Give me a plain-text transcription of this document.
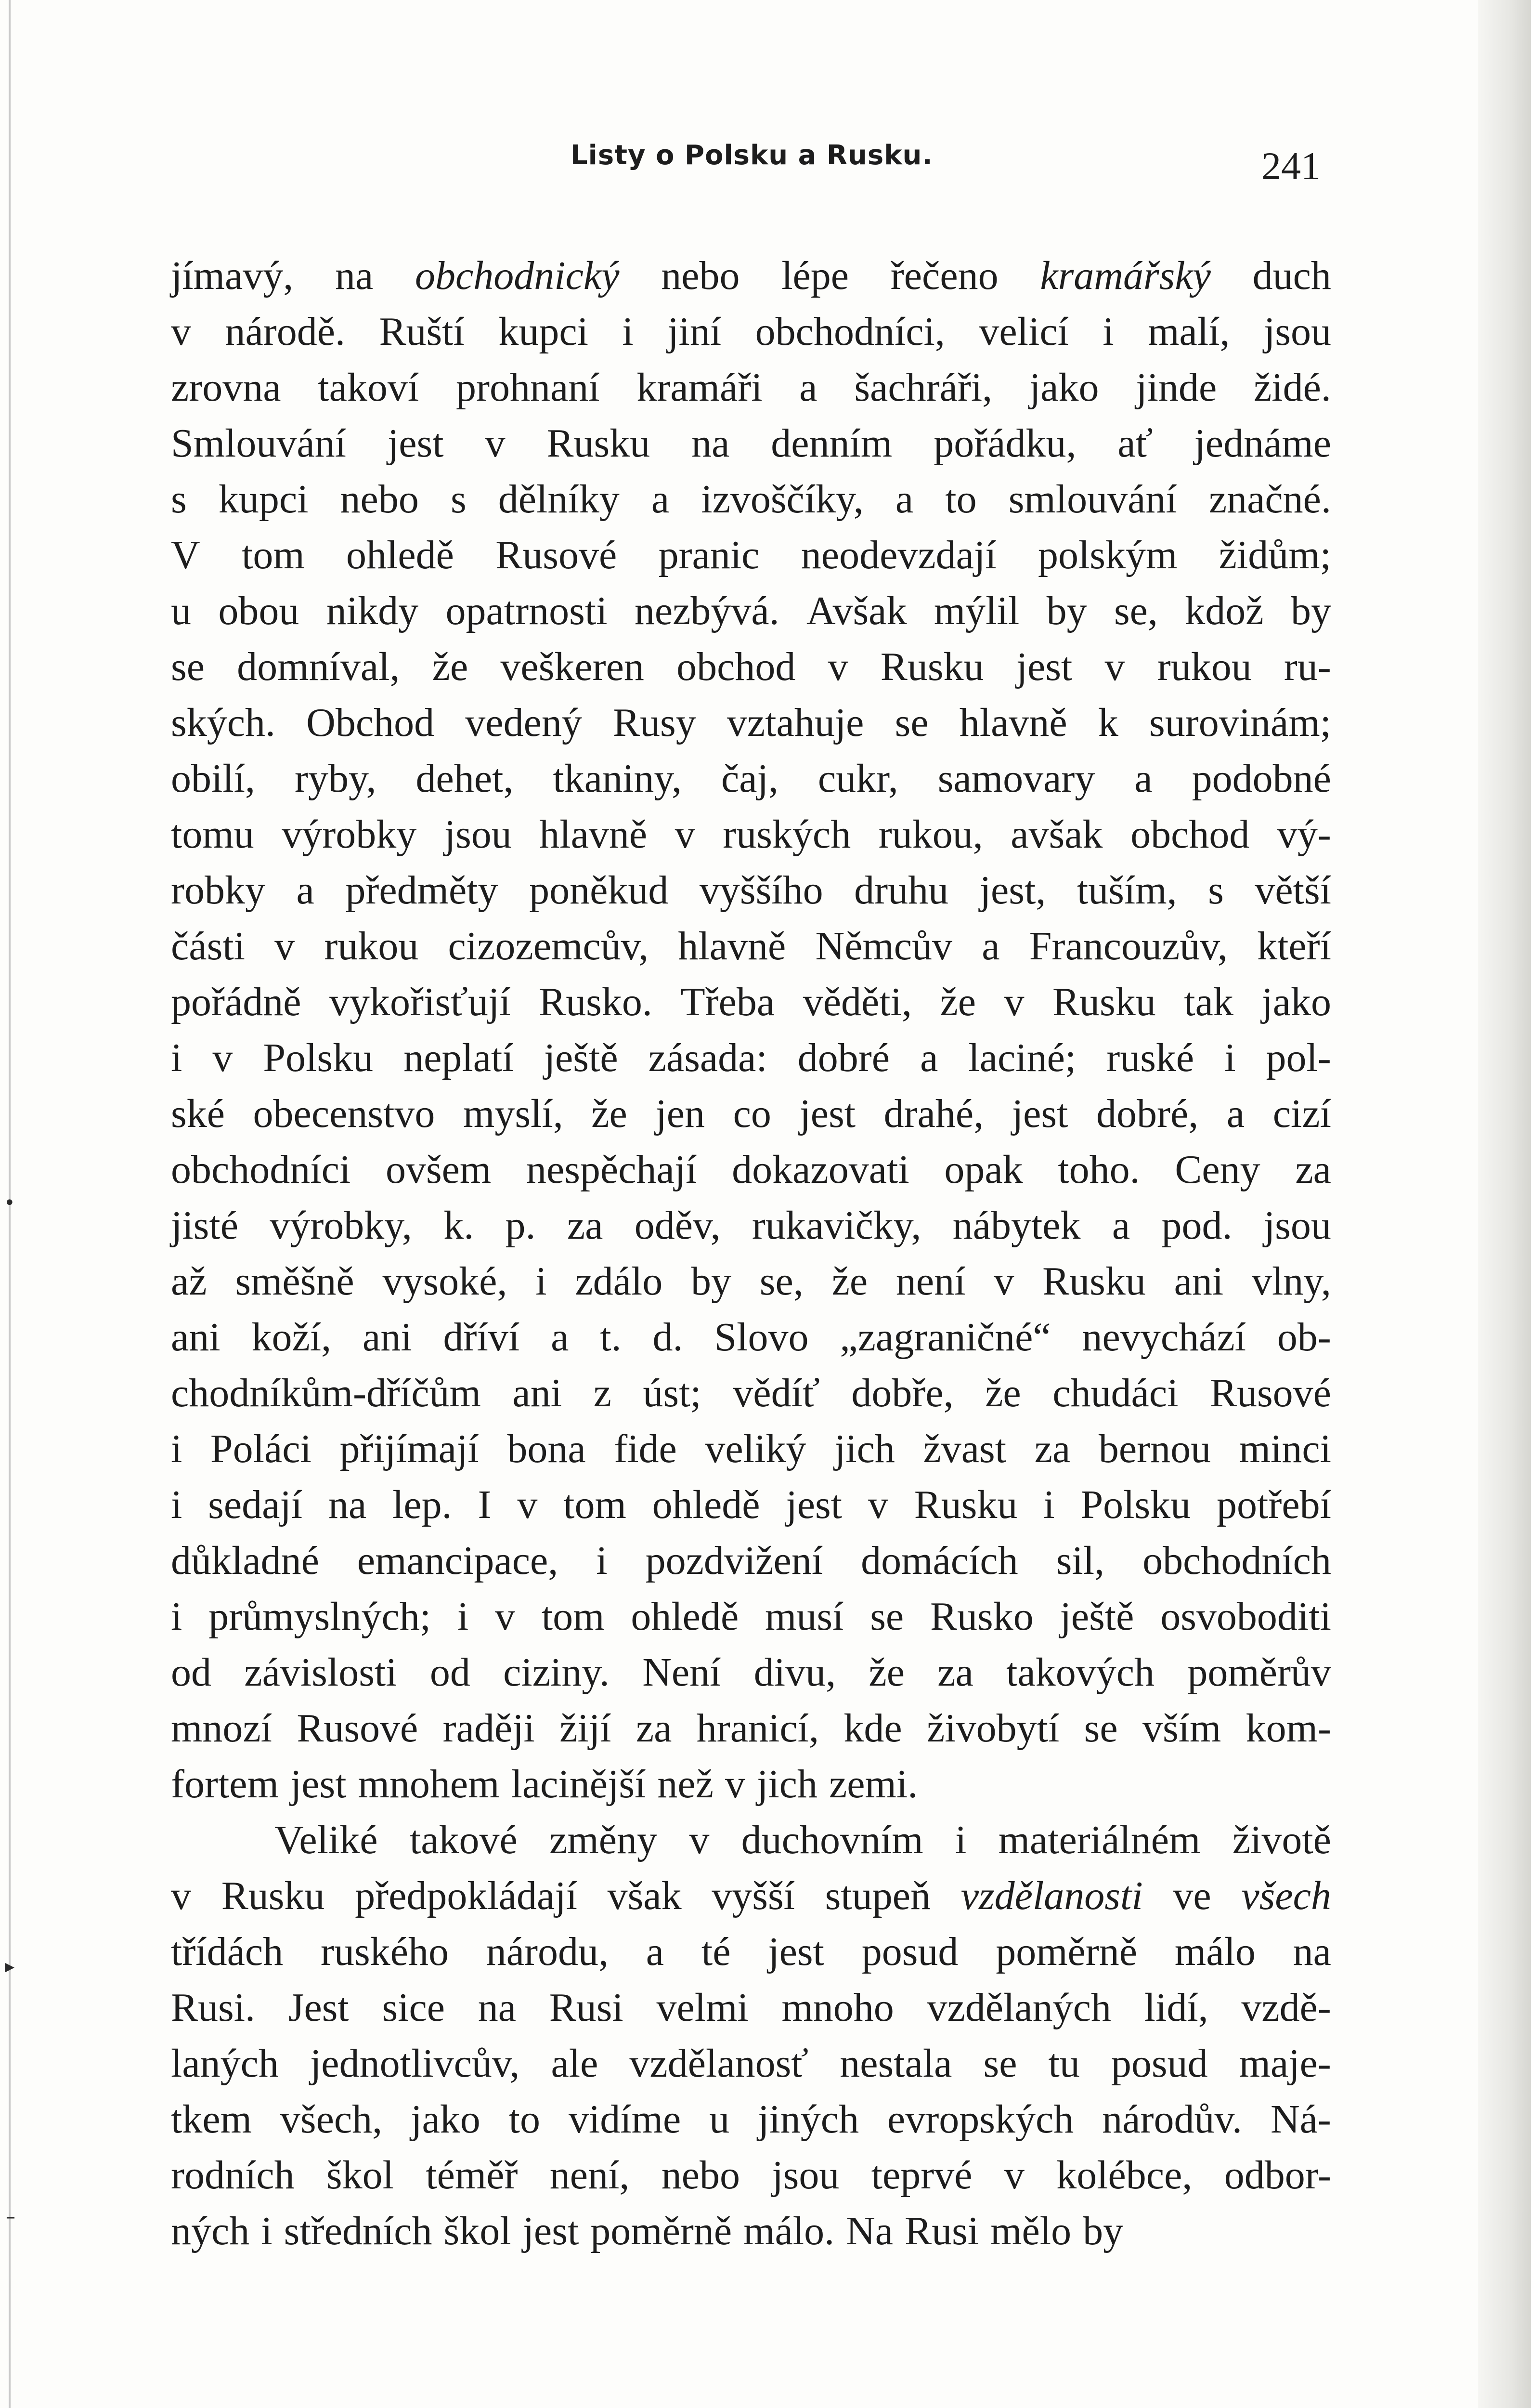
Listy o Polsku a Rusku.	241
•
▸
–
jímavý, na obchodnický nebo lépe řečeno kramářský duch
v národě. Ruští kupci i jiní obchodníci, velicí i malí, jsou
zrovna takoví prohnaní kramáři a šachráři, jako jinde židé.
Smlouvání jest v Rusku na denním pořádku, ať jednáme
s kupci nebo s dělníky a izvoščíky, a to smlouvání značné.
V tom ohledě Rusové pranic neodevzdají polským židům;
u obou nikdy opatrnosti nezbývá. Avšak mýlil by se, kdož by
se domníval, že veškeren obchod v Rusku jest v rukou ru-
ských. Obchod vedený Rusy vztahuje se hlavně k surovinám;
obilí, ryby, dehet, tkaniny, čaj, cukr, samovary a podobné
tomu výrobky jsou hlavně v ruských rukou, avšak obchod vý-
robky a předměty poněkud vyššího druhu jest, tuším, s větší
části v rukou cizozemcův, hlavně Němcův a Francouzův, kteří
pořádně vykořisťují Rusko. Třeba věděti, že v Rusku tak jako
i v Polsku neplatí ještě zásada: dobré a laciné; ruské i pol-
ské obecenstvo myslí, že jen co jest drahé, jest dobré, a cizí
obchodníci ovšem nespěchají dokazovati opak toho. Ceny za
jisté výrobky, k. p. za oděv, rukavičky, nábytek a pod. jsou
až směšně vysoké, i zdálo by se, že není v Rusku ani vlny,
ani koží, ani dříví a t. d. Slovo „zagraničné“ nevychází ob-
chodníkům-dříčům ani z úst; vědíť dobře, že chudáci Rusové
i Poláci přijímají bona fide veliký jich žvast za bernou minci
i sedají na lep. I v tom ohledě jest v Rusku i Polsku potřebí
důkladné emancipace, i pozdvižení domácích sil, obchodních
i průmyslných; i v tom ohledě musí se Rusko ještě osvoboditi
od závislosti od ciziny. Není divu, že za takových poměrův
mnozí Rusové raději žijí za hranicí, kde živobytí se vším kom-
fortem jest mnohem lacinější než v jich zemi.
Veliké takové změny v duchovním i materiálném životě
v Rusku předpokládají však vyšší stupeň vzdělanosti ve všech
třídách ruského národu, a té jest posud poměrně málo na
Rusi. Jest sice na Rusi velmi mnoho vzdělaných lidí, vzdě-
laných jednotlivcův, ale vzdělanosť nestala se tu posud maje-
tkem všech, jako to vidíme u jiných evropských národův. Ná-
rodních škol téměř není, nebo jsou teprvé v kolébce, odbor-
ných i středních škol jest poměrně málo. Na Rusi mělo by
